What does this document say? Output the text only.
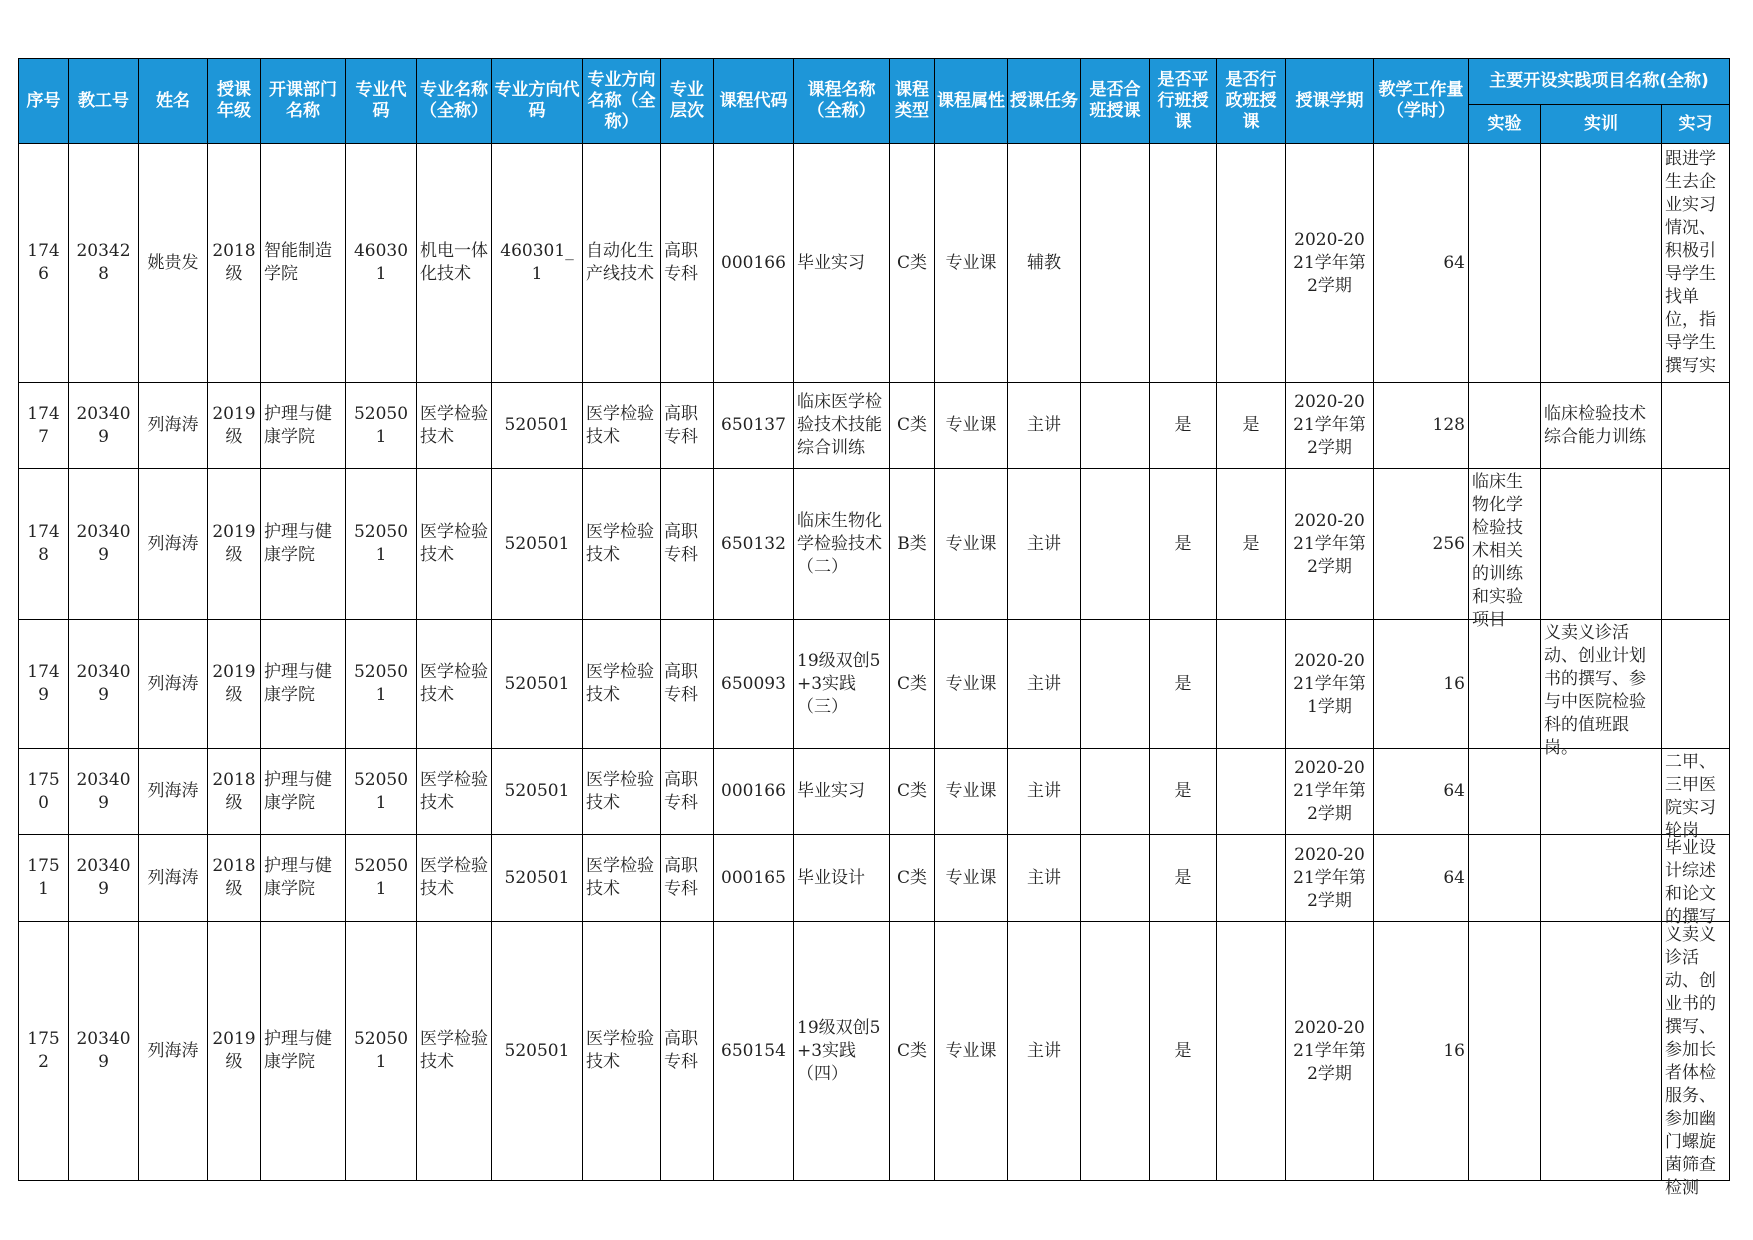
序号	教工号	姓名	授课年级	开课部门名称	专业代码	专业名称（全称）	专业方向代码	专业方向名称（全称）	专业层次	课程代码	课程名称（全称）	课程类型	课程属性	授课任务	是否合班授课	是否平行班授课	是否行政班授课	授课学期	教学工作量（学时）	主要开设实践项目名称(全称)		

																				实验	实训	实习

1746	203428	姚贵发	2018级	智能制造学院	460301	机电一体化技术	460301_1	自动化生产线技术	高职专科	000166	毕业实习	C类	专业课	辅教				2020-2021学年第2学期	64			跟进学生去企业实习情况、积极引导学生找单位，指导学生撰写实

1747	203409	列海涛	2019级	护理与健康学院	520501	医学检验技术	520501	医学检验技术	高职专科	650137	临床医学检验技术技能综合训练	C类	专业课	主讲		是	是	2020-2021学年第2学期	128		临床检验技术综合能力训练	

1748	203409	列海涛	2019级	护理与健康学院	520501	医学检验技术	520501	医学检验技术	高职专科	650132	临床生物化学检验技术（二）	B类	专业课	主讲		是	是	2020-2021学年第2学期	256	临床生物化学检验技术相关的训练和实验项目		

1749	203409	列海涛	2019级	护理与健康学院	520501	医学检验技术	520501	医学检验技术	高职专科	650093	19级双创5+3实践（三）	C类	专业课	主讲		是		2020-2021学年第1学期	16		义卖义诊活动、创业计划书的撰写、参与中医院检验科的值班跟岗。	

1750	203409	列海涛	2018级	护理与健康学院	520501	医学检验技术	520501	医学检验技术	高职专科	000166	毕业实习	C类	专业课	主讲		是		2020-2021学年第2学期	64			二甲、三甲医院实习轮岗

1751	203409	列海涛	2018级	护理与健康学院	520501	医学检验技术	520501	医学检验技术	高职专科	000165	毕业设计	C类	专业课	主讲		是		2020-2021学年第2学期	64			毕业设计综述和论文的撰写

1752	203409	列海涛	2019级	护理与健康学院	520501	医学检验技术	520501	医学检验技术	高职专科	650154	19级双创5+3实践（四）	C类	专业课	主讲		是		2020-2021学年第2学期	16			义卖义诊活动、创业书的撰写、参加长者体检服务、参加幽门螺旋菌筛查检测
